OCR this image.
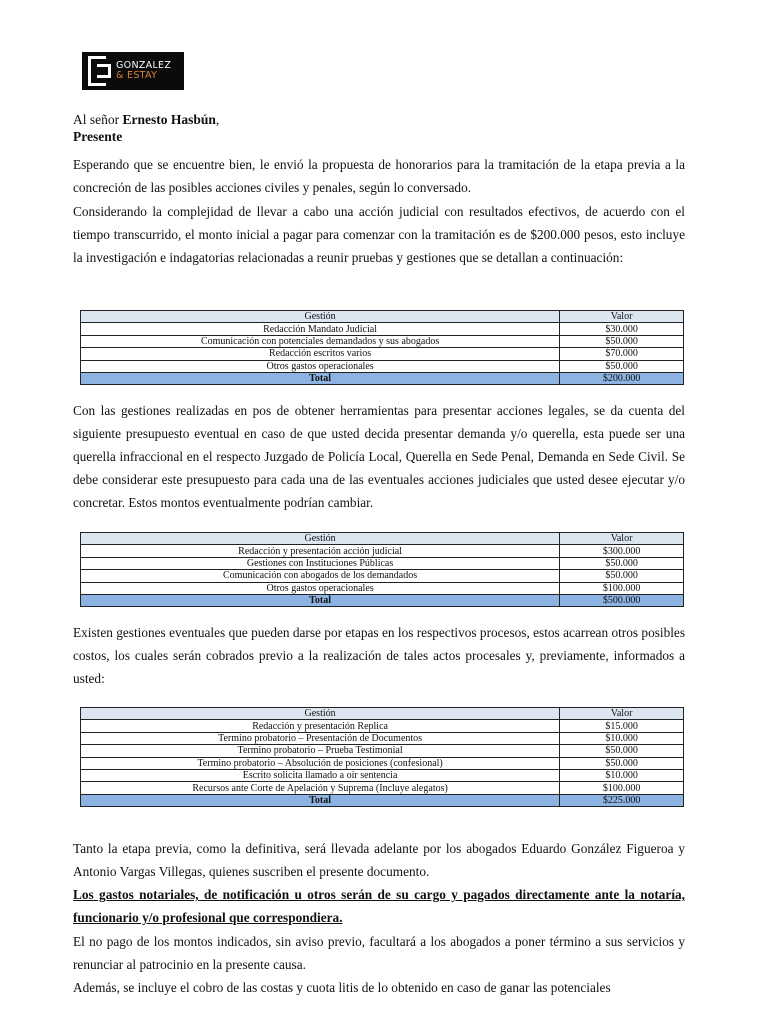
GONZALEZ
& ESTAY
Al señor Ernesto Hasbún,
Presente

Esperando que se encuentre bien, le envió la propuesta de honorarios para la tramitación de la etapa previa a la concreción de las posibles acciones civiles y penales, según lo conversado.

Considerando la complejidad de llevar a cabo una acción judicial con resultados efectivos, de acuerdo con el tiempo transcurrido, el monto inicial a pagar para comenzar con la tramitación es de $200.000 pesos, esto incluye la investigación e indagatorias relacionadas a reunir pruebas y gestiones que se detallan a continuación:

Gestión	Valor
Redacción Mandato Judicial	$30.000
Comunicación con potenciales demandados y sus abogados	$50.000
Redacción escritos varios	$70.000
Otros gastos operacionales	$50.000
Total	$200.000

Con las gestiones realizadas en pos de obtener herramientas para presentar acciones legales, se da cuenta del siguiente presupuesto eventual en caso de que usted decida presentar demanda y/o querella, esta puede ser una querella infraccional en el respecto Juzgado de Policía Local, Querella en Sede Penal, Demanda en Sede Civil. Se debe considerar este presupuesto para cada una de las eventuales acciones judiciales que usted desee ejecutar y/o concretar. Estos montos eventualmente podrían cambiar.

Gestión	Valor
Redacción y presentación acción judicial	$300.000
Gestiones con Instituciones Públicas	$50.000
Comunicación con abogados de los demandados	$50.000
Otros gastos operacionales	$100.000
Total	$500.000

Existen gestiones eventuales que pueden darse por etapas en los respectivos procesos, estos acarrean otros posibles costos, los cuales serán cobrados previo a la realización de tales actos procesales y, previamente, informados a usted:

Gestión	Valor
Redacción y presentación Replica	$15.000
Termino probatorio – Presentación de Documentos	$10.000
Termino probatorio – Prueba Testimonial	$50.000
Termino probatorio – Absolución de posiciones (confesional)	$50.000
Escrito solicita llamado a oír sentencia	$10.000
Recursos ante Corte de Apelación y Suprema (Incluye alegatos)	$100.000
Total	$225.000

Tanto la etapa previa, como la definitiva, será llevada adelante por los abogados Eduardo González Figueroa y Antonio Vargas Villegas, quienes suscriben el presente documento.

Los gastos notariales, de notificación u otros serán de su cargo y pagados directamente ante la notaría, funcionario y/o profesional que correspondiera.

El no pago de los montos indicados, sin aviso previo, facultará a los abogados a poner término a sus servicios y renunciar al patrocinio en la presente causa.

Además, se incluye el cobro de las costas y cuota litis de lo obtenido en caso de ganar las potenciales
